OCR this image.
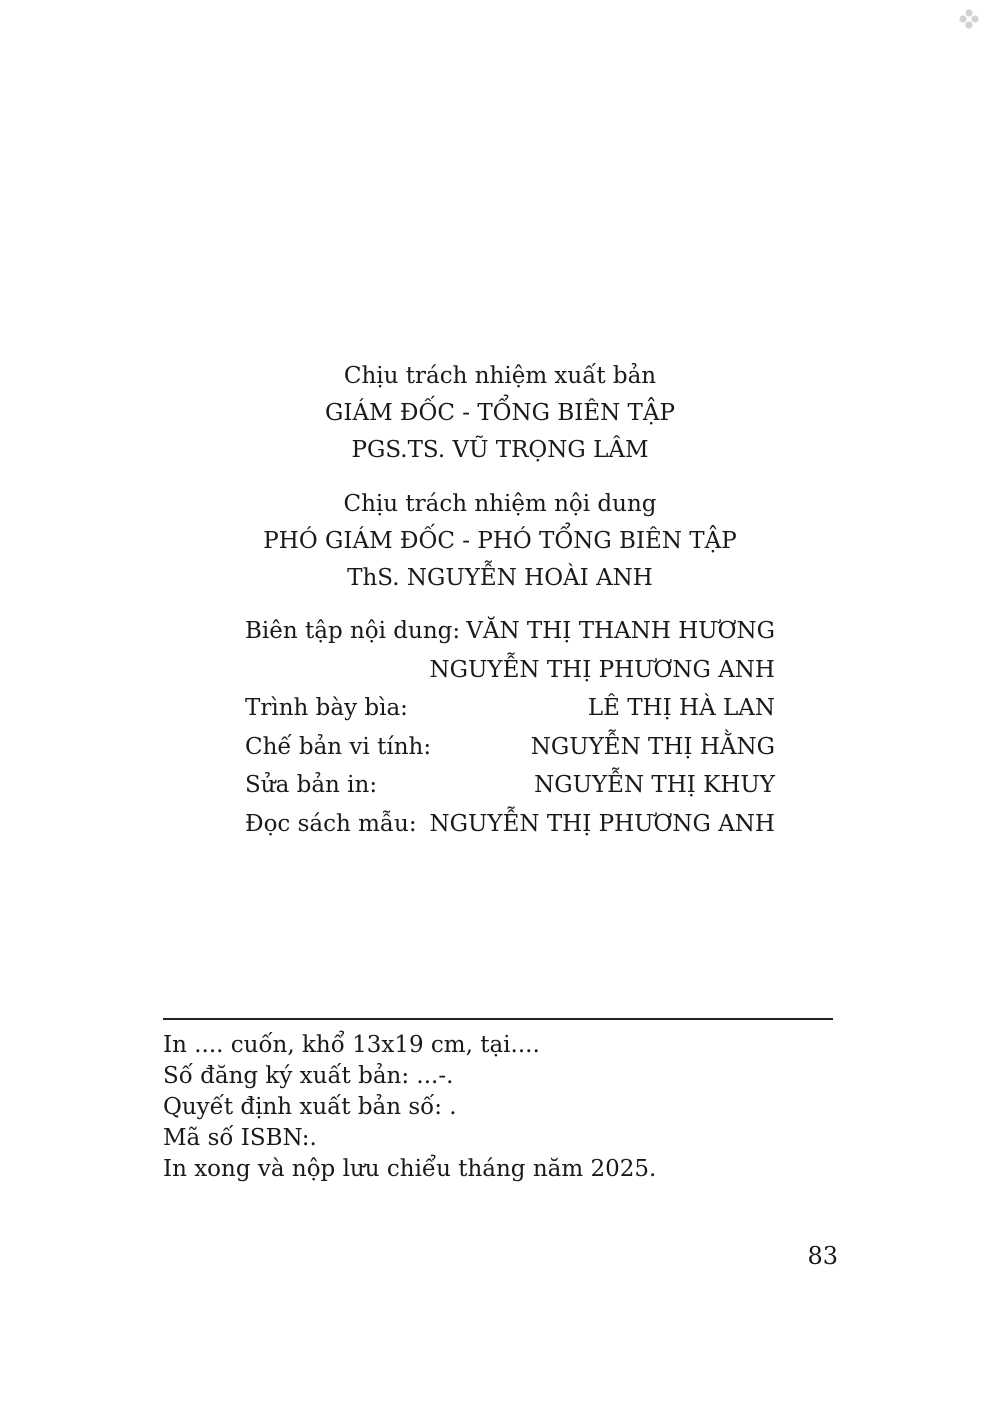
Chịu trách nhiệm xuất bản
GIÁM ĐỐC - TỔNG BIÊN TẬP
PGS.TS. VŨ TRỌNG LÂM
Chịu trách nhiệm nội dung
PHÓ GIÁM ĐỐC - PHÓ TỔNG BIÊN TẬP
ThS. NGUYỄN HOÀI ANH
Biên tập nội dung: VĂN THỊ THANH HƯƠNG
NGUYỄN THỊ PHƯƠNG ANH
Trình bày bìa:	LÊ THỊ HÀ LAN
Chế bản vi tính:	NGUYỄN THỊ HẰNG
Sửa bản in:	NGUYỄN THỊ KHUY
Đọc sách mẫu: NGUYỄN THỊ PHƯƠNG ANH
In .... cuốn, khổ 13x19 cm, tại....
Số đăng ký xuất bản: ...-.
Quyết định xuất bản số: .
Mã số ISBN:.
In xong và nộp lưu chiểu tháng năm 2025.
83
